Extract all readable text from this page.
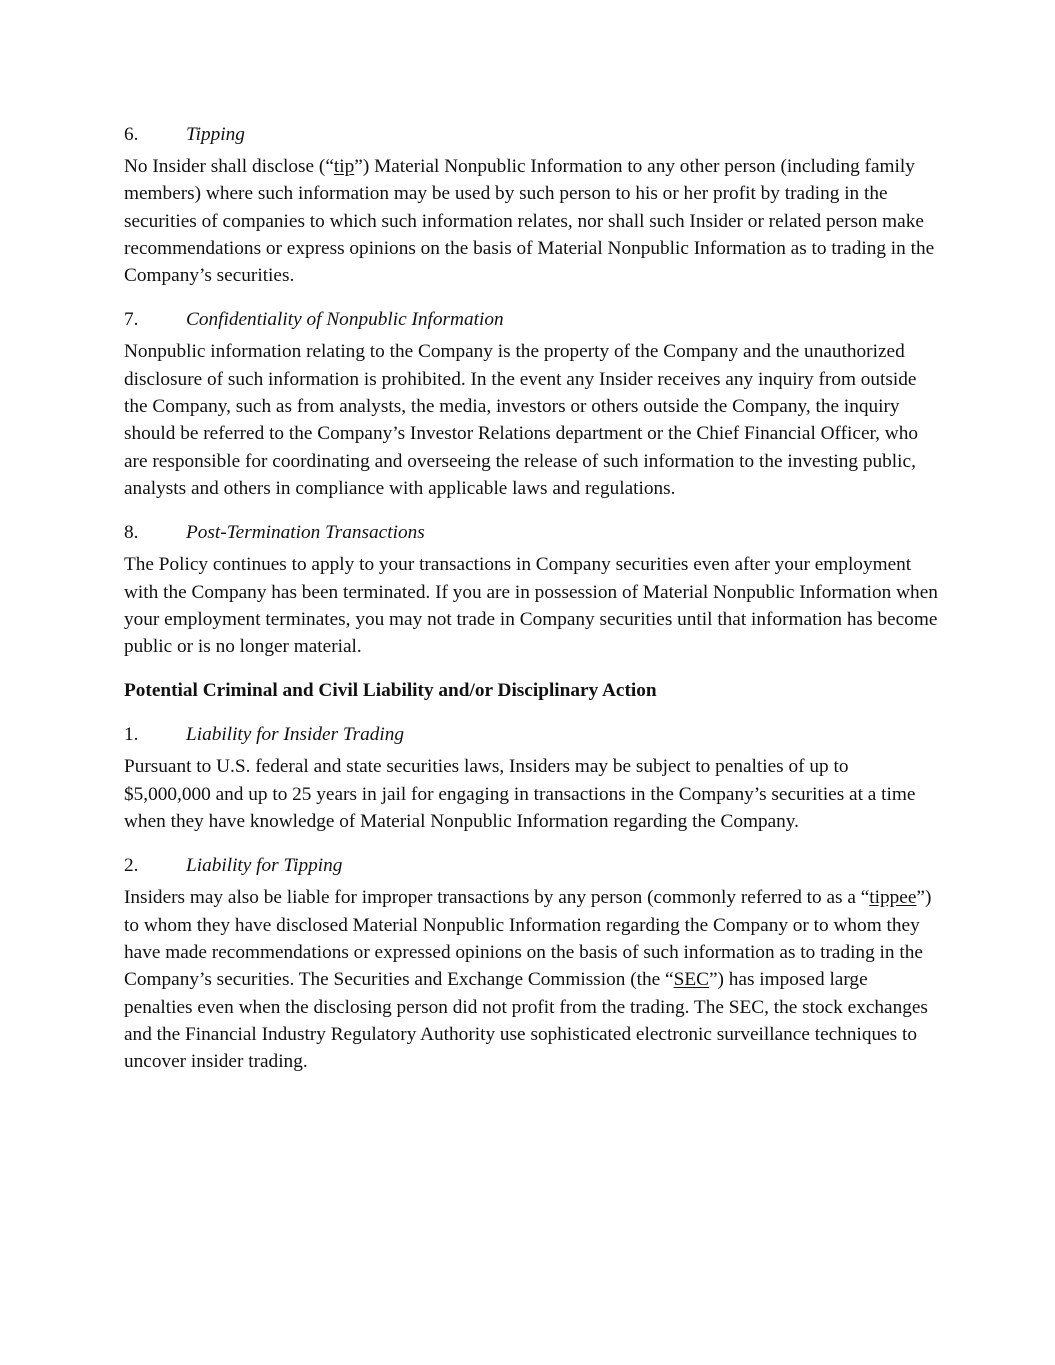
6. Tipping

No Insider shall disclose (“tip”) Material Nonpublic Information to any other person (including family members) where such information may be used by such person to his or her profit by trading in the securities of companies to which such information relates, nor shall such Insider or related person make recommendations or express opinions on the basis of Material Nonpublic Information as to trading in the Company’s securities.

7. Confidentiality of Nonpublic Information

Nonpublic information relating to the Company is the property of the Company and the unauthorized disclosure of such information is prohibited. In the event any Insider receives any inquiry from outside the Company, such as from analysts, the media, investors or others outside the Company, the inquiry should be referred to the Company’s Investor Relations department or the Chief Financial Officer, who are responsible for coordinating and overseeing the release of such information to the investing public, analysts and others in compliance with applicable laws and regulations.

8. Post-Termination Transactions

The Policy continues to apply to your transactions in Company securities even after your employment with the Company has been terminated. If you are in possession of Material Nonpublic Information when your employment terminates, you may not trade in Company securities until that information has become public or is no longer material.

Potential Criminal and Civil Liability and/or Disciplinary Action
1. Liability for Insider Trading

Pursuant to U.S. federal and state securities laws, Insiders may be subject to penalties of up to $5,000,000 and up to 25 years in jail for engaging in transactions in the Company’s securities at a time when they have knowledge of Material Nonpublic Information regarding the Company.

2. Liability for Tipping

Insiders may also be liable for improper transactions by any person (commonly referred to as a “tippee”) to whom they have disclosed Material Nonpublic Information regarding the Company or to whom they have made recommendations or expressed opinions on the basis of such information as to trading in the Company’s securities. The Securities and Exchange Commission (the “SEC”) has imposed large penalties even when the disclosing person did not profit from the trading. The SEC, the stock exchanges and the Financial Industry Regulatory Authority use sophisticated electronic surveillance techniques to uncover insider trading.
